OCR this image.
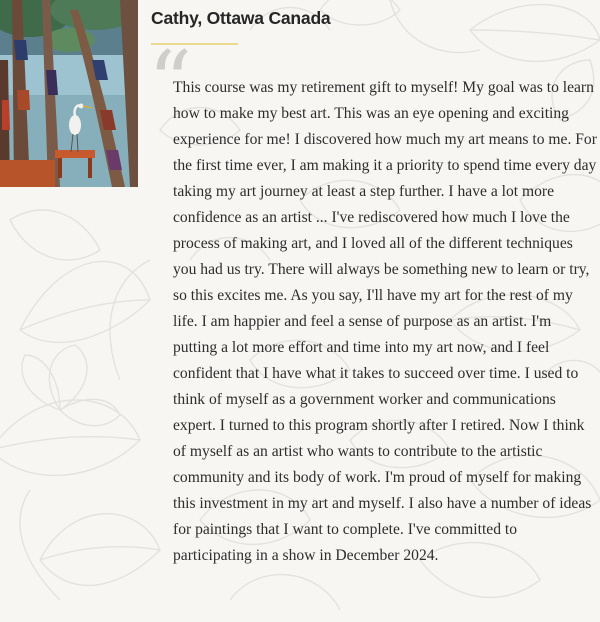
Cathy, Ottawa Canada
“

This course was my retirement gift to myself! My goal was to learn how to make my best art. This was an eye opening and exciting experience for me! I discovered how much my art means to me. For the first time ever, I am making it a priority to spend time every day taking my art journey at least a step further. I have a lot more confidence as an artist ... I've rediscovered how much I love the process of making art, and I loved all of the different techniques you had us try. There will always be something new to learn or try, so this excites me. As you say, I'll have my art for the rest of my life. I am happier and feel a sense of purpose as an artist. I'm putting a lot more effort and time into my art now, and I feel confident that I have what it takes to succeed over time. I used to think of myself as a government worker and communications expert. I turned to this program shortly after I retired. Now I think of myself as an artist who wants to contribute to the artistic community and its body of work. I'm proud of myself for making this investment in my art and myself. I also have a number of ideas for paintings that I want to complete. I've committed to participating in a show in December 2024.
